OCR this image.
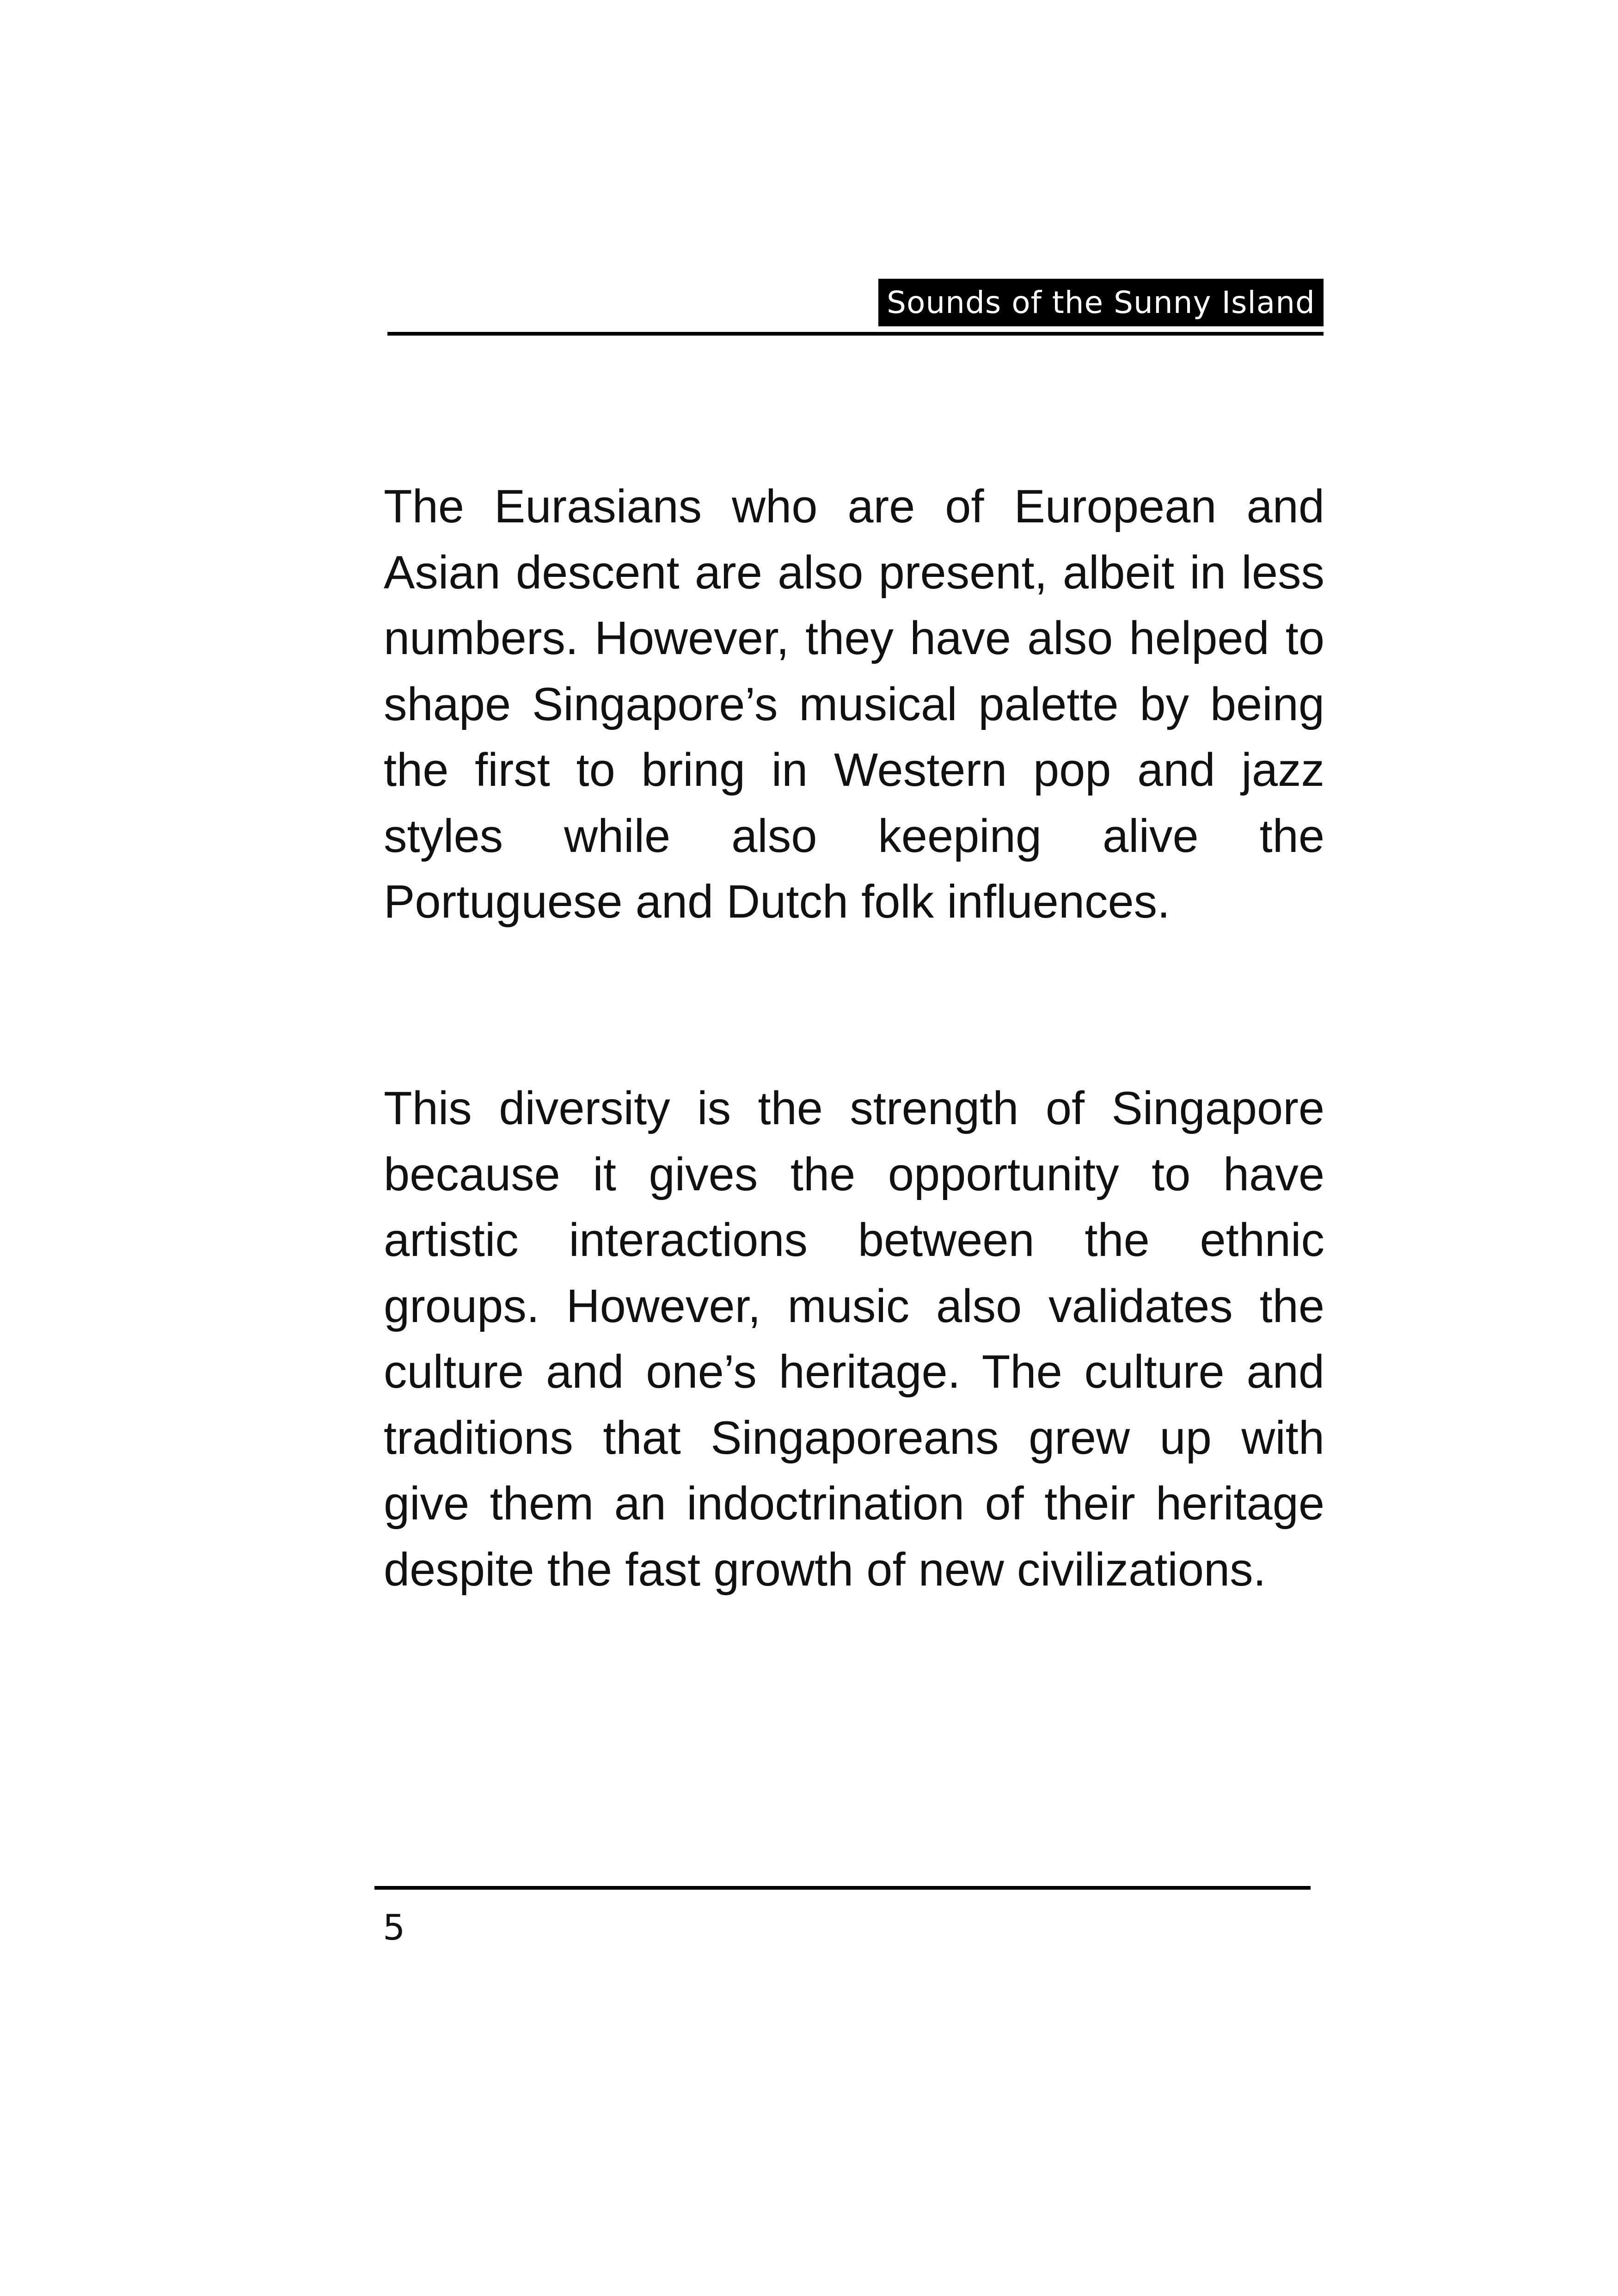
Sounds of the Sunny Island

The Eurasians who are of European and Asian descent are also present, albeit in less numbers. However, they have also helped to shape Singapore’s musical palette by being the first to bring in Western pop and jazz styles while also keeping alive the Portuguese and Dutch folk influences.

This diversity is the strength of Singapore because it gives the opportunity to have artistic interactions between the ethnic groups. However, music also validates the culture and one’s heritage. The culture and traditions that Singaporeans grew up with give them an indoctrination of their heritage despite the fast growth of new civilizations.

5
